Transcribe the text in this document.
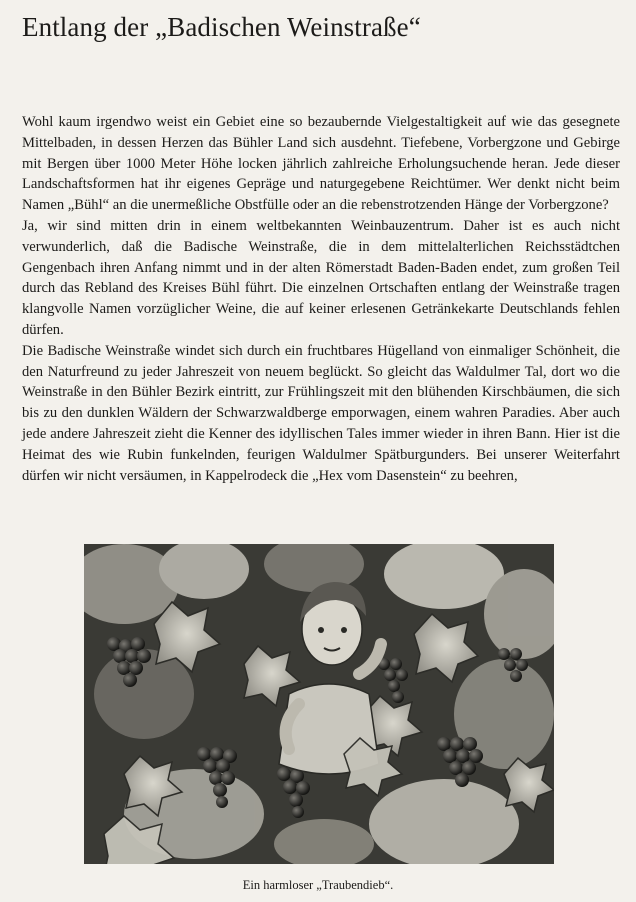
Entlang der „Badischen Weinstraße“

Wohl kaum irgendwo weist ein Gebiet eine so bezaubernde Vielgestaltigkeit auf wie das gesegnete Mittelbaden, in dessen Herzen das Bühler Land sich ausdehnt. Tiefebene, Vorbergzone und Gebirge mit Bergen über 1000 Meter Höhe locken jährlich zahlreiche Erholungsuchende heran. Jede dieser Landschaftsformen hat ihr eigenes Gepräge und naturgegebene Reichtümer. Wer denkt nicht beim Namen „Bühl“ an die unermeßliche Obstfülle oder an die rebenstrotzenden Hänge der Vorbergzone?

Ja, wir sind mitten drin in einem weltbekannten Weinbauzentrum. Daher ist es auch nicht verwunderlich, daß die Badische Weinstraße, die in dem mittelalterlichen Reichsstädtchen Gengenbach ihren Anfang nimmt und in der alten Römerstadt Baden-Baden endet, zum großen Teil durch das Rebland des Kreises Bühl führt. Die einzelnen Ortschaften entlang der Weinstraße tragen klangvolle Namen vorzüglicher Weine, die auf keiner erlesenen Getränkekarte Deutschlands fehlen dürfen.

Die Badische Weinstraße windet sich durch ein fruchtbares Hügelland von einmaliger Schönheit, die den Naturfreund zu jeder Jahreszeit von neuem beglückt. So gleicht das Waldulmer Tal, dort wo die Weinstraße in den Bühler Bezirk eintritt, zur Frühlingszeit mit den blühenden Kirschbäumen, die sich bis zu den dunklen Wäldern der Schwarzwaldberge emporwagen, einem wahren Paradies. Aber auch jede andere Jahreszeit zieht die Kenner des idyllischen Tales immer wieder in ihren Bann. Hier ist die Heimat des wie Rubin funkelnden, feurigen Waldulmer Spätburgunders. Bei unserer Weiterfahrt dürfen wir nicht versäumen, in Kappelrodeck die „Hex vom Dasenstein“ zu beehren,

Ein harmloser „Traubendieb“.
